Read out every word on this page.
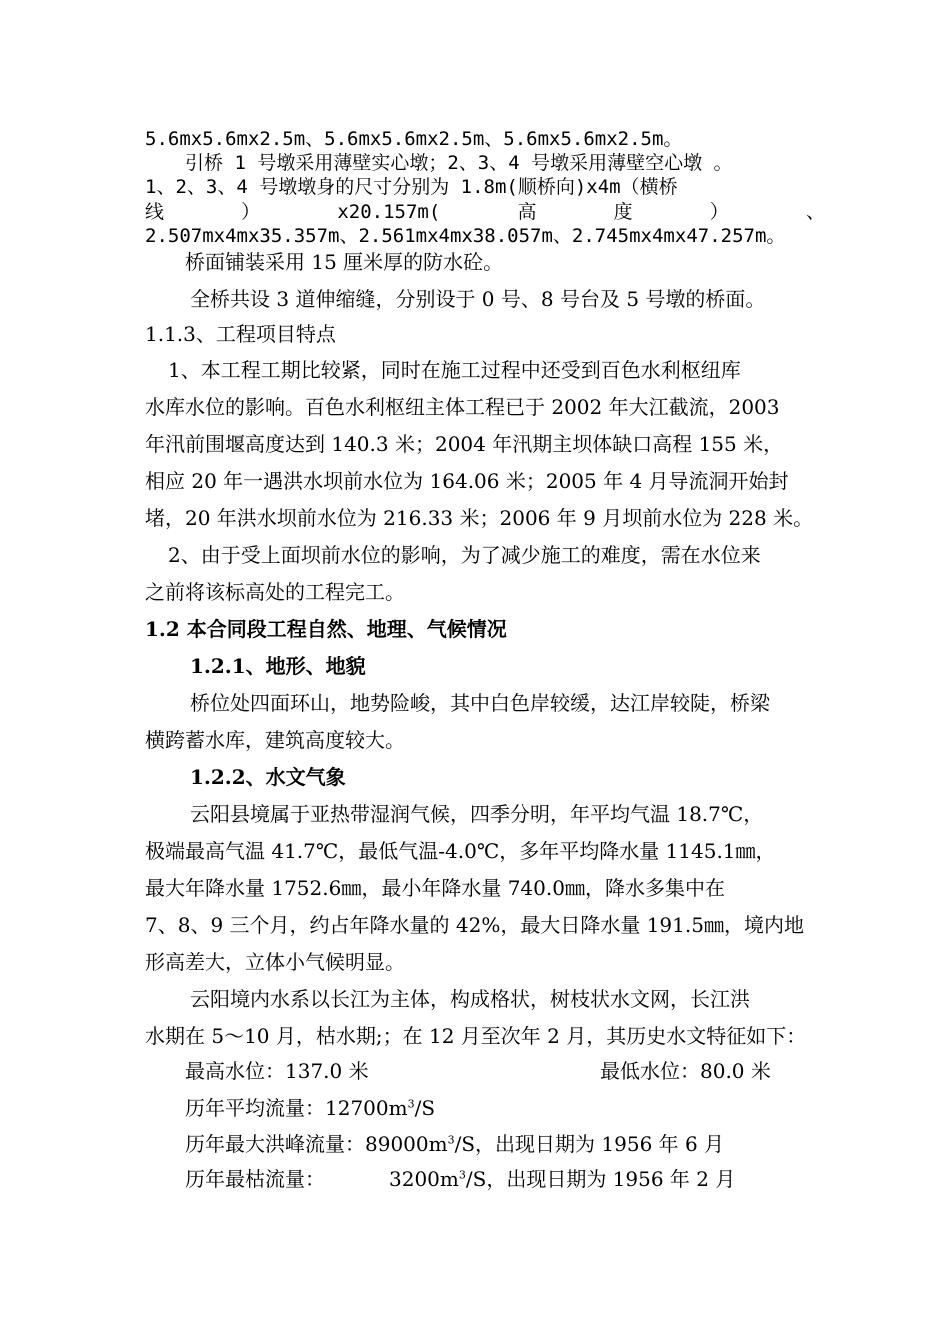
5.6mx5.6mx2.5m、5.6mx5.6mx2.5m、5.6mx5.6mx2.5m。
引桥 1 号墩采用薄壁实心墩；2、3、4 号墩采用薄壁空心墩 。
1、2、3、4 号墩墩身的尺寸分别为 1.8m(顺桥向)x4m（横桥
线	）	x20.157m(	高	度	）	、
2.507mx4mx35.357m、2.561mx4mx38.057m、2.745mx4mx47.257m。
桥面铺装采用 15 厘米厚的防水砼。
全桥共设 3 道伸缩缝，分别设于 0 号、8 号台及 5 号墩的桥面。
1.1.3、工程项目特点
1、本工程工期比较紧，同时在施工过程中还受到百色水利枢纽库
水库水位的影响。百色水利枢纽主体工程已于 2002 年大江截流，2003
年汛前围堰高度达到 140.3 米；2004 年汛期主坝体缺口高程 155 米，
相应 20 年一遇洪水坝前水位为 164.06 米；2005 年 4 月导流洞开始封
堵，20 年洪水坝前水位为 216.33 米；2006 年 9 月坝前水位为 228 米。
2、由于受上面坝前水位的影响，为了减少施工的难度，需在水位来
之前将该标高处的工程完工。
1.2 本合同段工程自然、地理、气候情况
1.2.1、地形、地貌
桥位处四面环山，地势险峻，其中白色岸较缓，达江岸较陡，桥梁
横跨蓄水库，建筑高度较大。
1.2.2、水文气象
云阳县境属于亚热带湿润气候，四季分明，年平均气温 18.7℃，
极端最高气温 41.7℃，最低气温-4.0℃，多年平均降水量 1145.1㎜，
最大年降水量 1752.6㎜，最小年降水量 740.0㎜，降水多集中在
7、8、9 三个月，约占年降水量的 42%，最大日降水量 191.5㎜，境内地
形高差大，立体小气候明显。
云阳境内水系以长江为主体，构成格状，树枝状水文网，长江洪
水期在 5～10 月，枯水期;；在 12 月至次年 2 月，其历史水文特征如下：
最高水位：137.0 米	最低水位：80.0 米
历年平均流量：$12700m^3/S$
历年最大洪峰流量：$89000m^3/S$，出现日期为 1956 年 6 月
历年最枯流量：	$3200m^3/S$，出现日期为 1956 年 2 月
